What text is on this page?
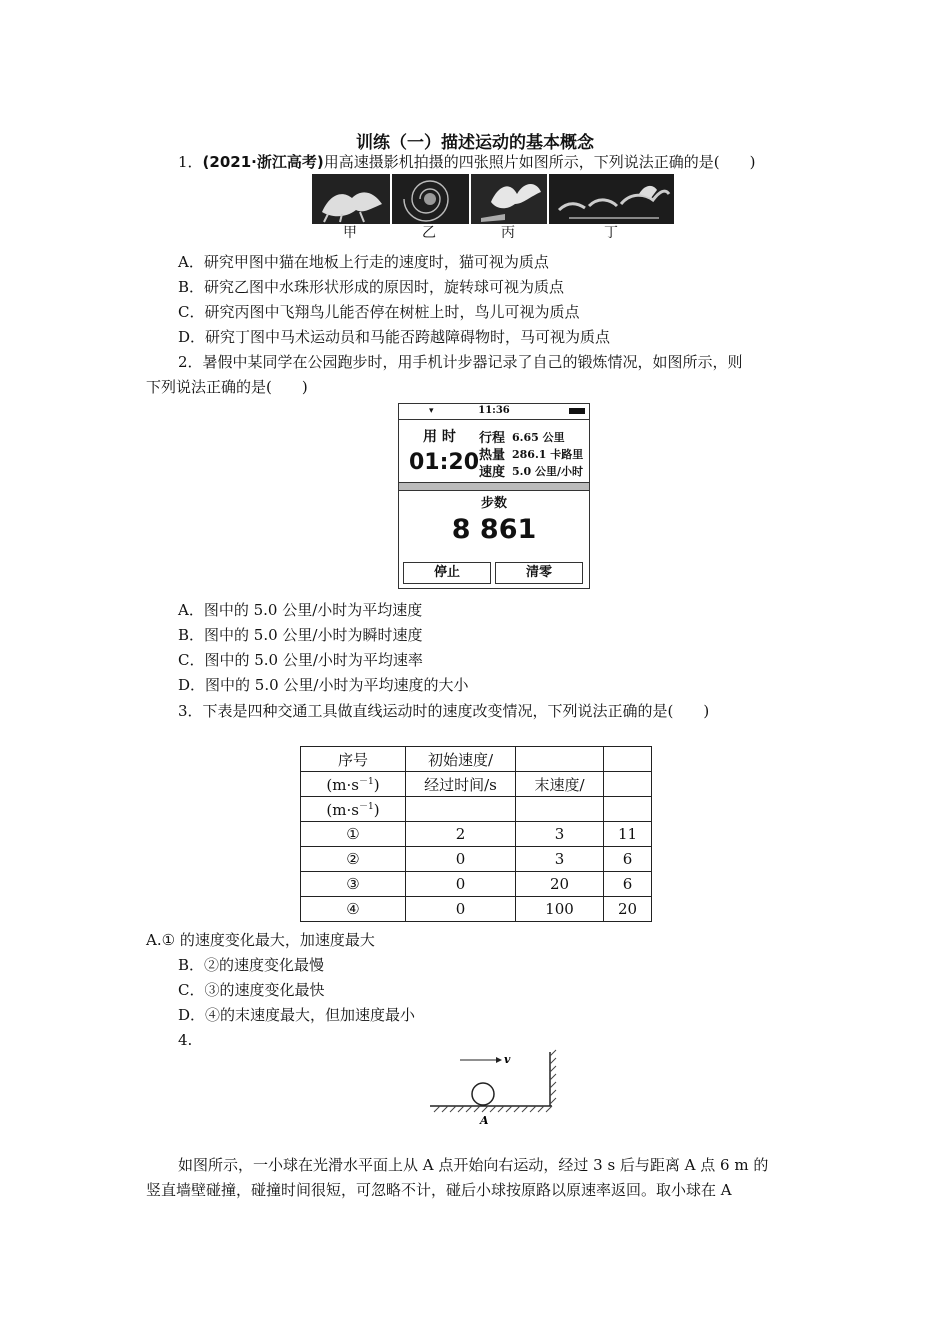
训练（一）描述运动的基本概念
1．(2021·浙江高考)用高速摄影机拍摄的四张照片如图所示，下列说法正确的是(　　)
甲	乙	丙	丁
A．研究甲图中猫在地板上行走的速度时，猫可视为质点
B．研究乙图中水珠形状形成的原因时，旋转球可视为质点
C．研究丙图中飞翔鸟儿能否停在树桩上时，鸟儿可视为质点
D．研究丁图中马术运动员和马能否跨越障碍物时，马可视为质点
2．暑假中某同学在公园跑步时，用手机计步器记录了自己的锻炼情况，如图所示，则
下列说法正确的是(　　)
▾	11:36
用 时
01:20
行程 6.65 公里
热量 286.1 卡路里
速度 5.0 公里/小时
步数
8 861
停止	清零
A．图中的 5.0 公里/小时为平均速度
B．图中的 5.0 公里/小时为瞬时速度
C．图中的 5.0 公里/小时为平均速率
D．图中的 5.0 公里/小时为平均速度的大小
3．下表是四种交通工具做直线运动时的速度改变情况，下列说法正确的是(　　)
序号	初始速度/		
$(m\cdot s^{-1})$	经过时间/s	末速度/	
$(m\cdot s^{-1})$			
①	2	3	11
②	0	3	6
③	0	20	6
④	0	100	20
A.① 的速度变化最大，加速度最大
B．②的速度变化最慢
C．③的速度变化最快
D．④的末速度最大，但加速度最小
4.
v
A
如图所示，一小球在光滑水平面上从 A 点开始向右运动，经过 3 s 后与距离 A 点 6 m 的
竖直墙壁碰撞，碰撞时间很短，可忽略不计，碰后小球按原路以原速率返回。取小球在 A
